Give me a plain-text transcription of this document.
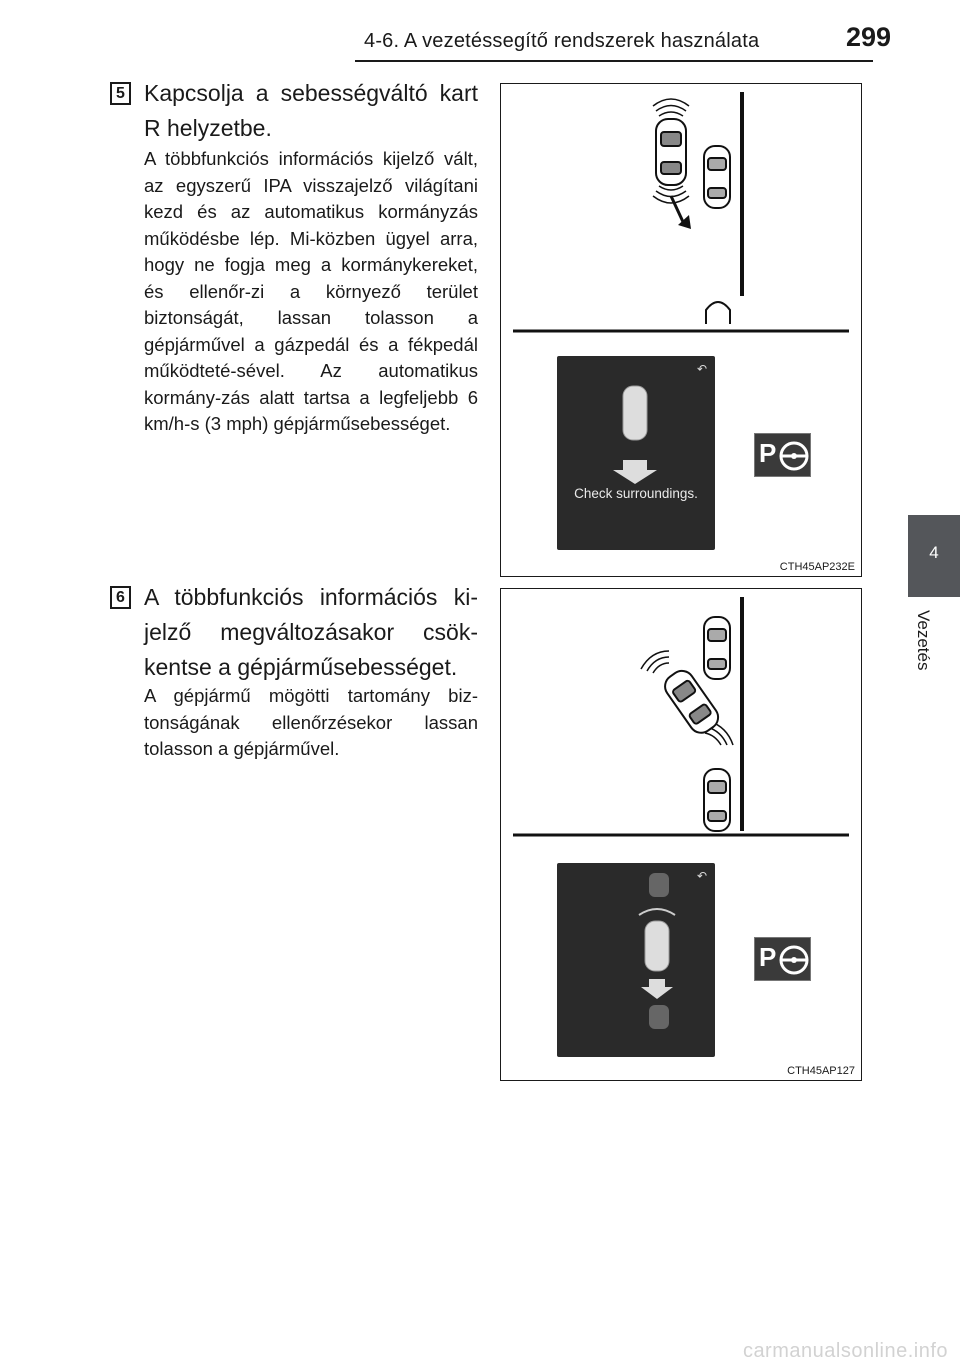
4-6. A vezetéssegítő rendszerek használata	299
4
Vezetés
5 Kapcsolja a sebességváltó kart R helyzetbe.
A többfunkciós információs kijelző vált, az egyszerű IPA visszajelző világítani kezd és az automatikus kormányzás működésbe lép. Mi-közben ügyel arra, hogy ne fogja meg a kormánykereket, és ellenőr-zi a környező terület biztonságát, lassan tolasson a gépjárművel a gázpedál és a fékpedál működteté-sével. Az automatikus kormány-zás alatt tartsa a legfeljebb 6 km/h-s (3 mph) gépjárműsebességet.
↶
Check surroundings.
P
CTH45AP232E
6 A többfunkciós információs ki-jelző megváltozásakor csök-kentse a gépjárműsebességet.
A gépjármű mögötti tartomány biz-tonságának ellenőrzésekor lassan tolasson a gépjárművel.
↶
P
CTH45AP127
carmanualsonline.info
